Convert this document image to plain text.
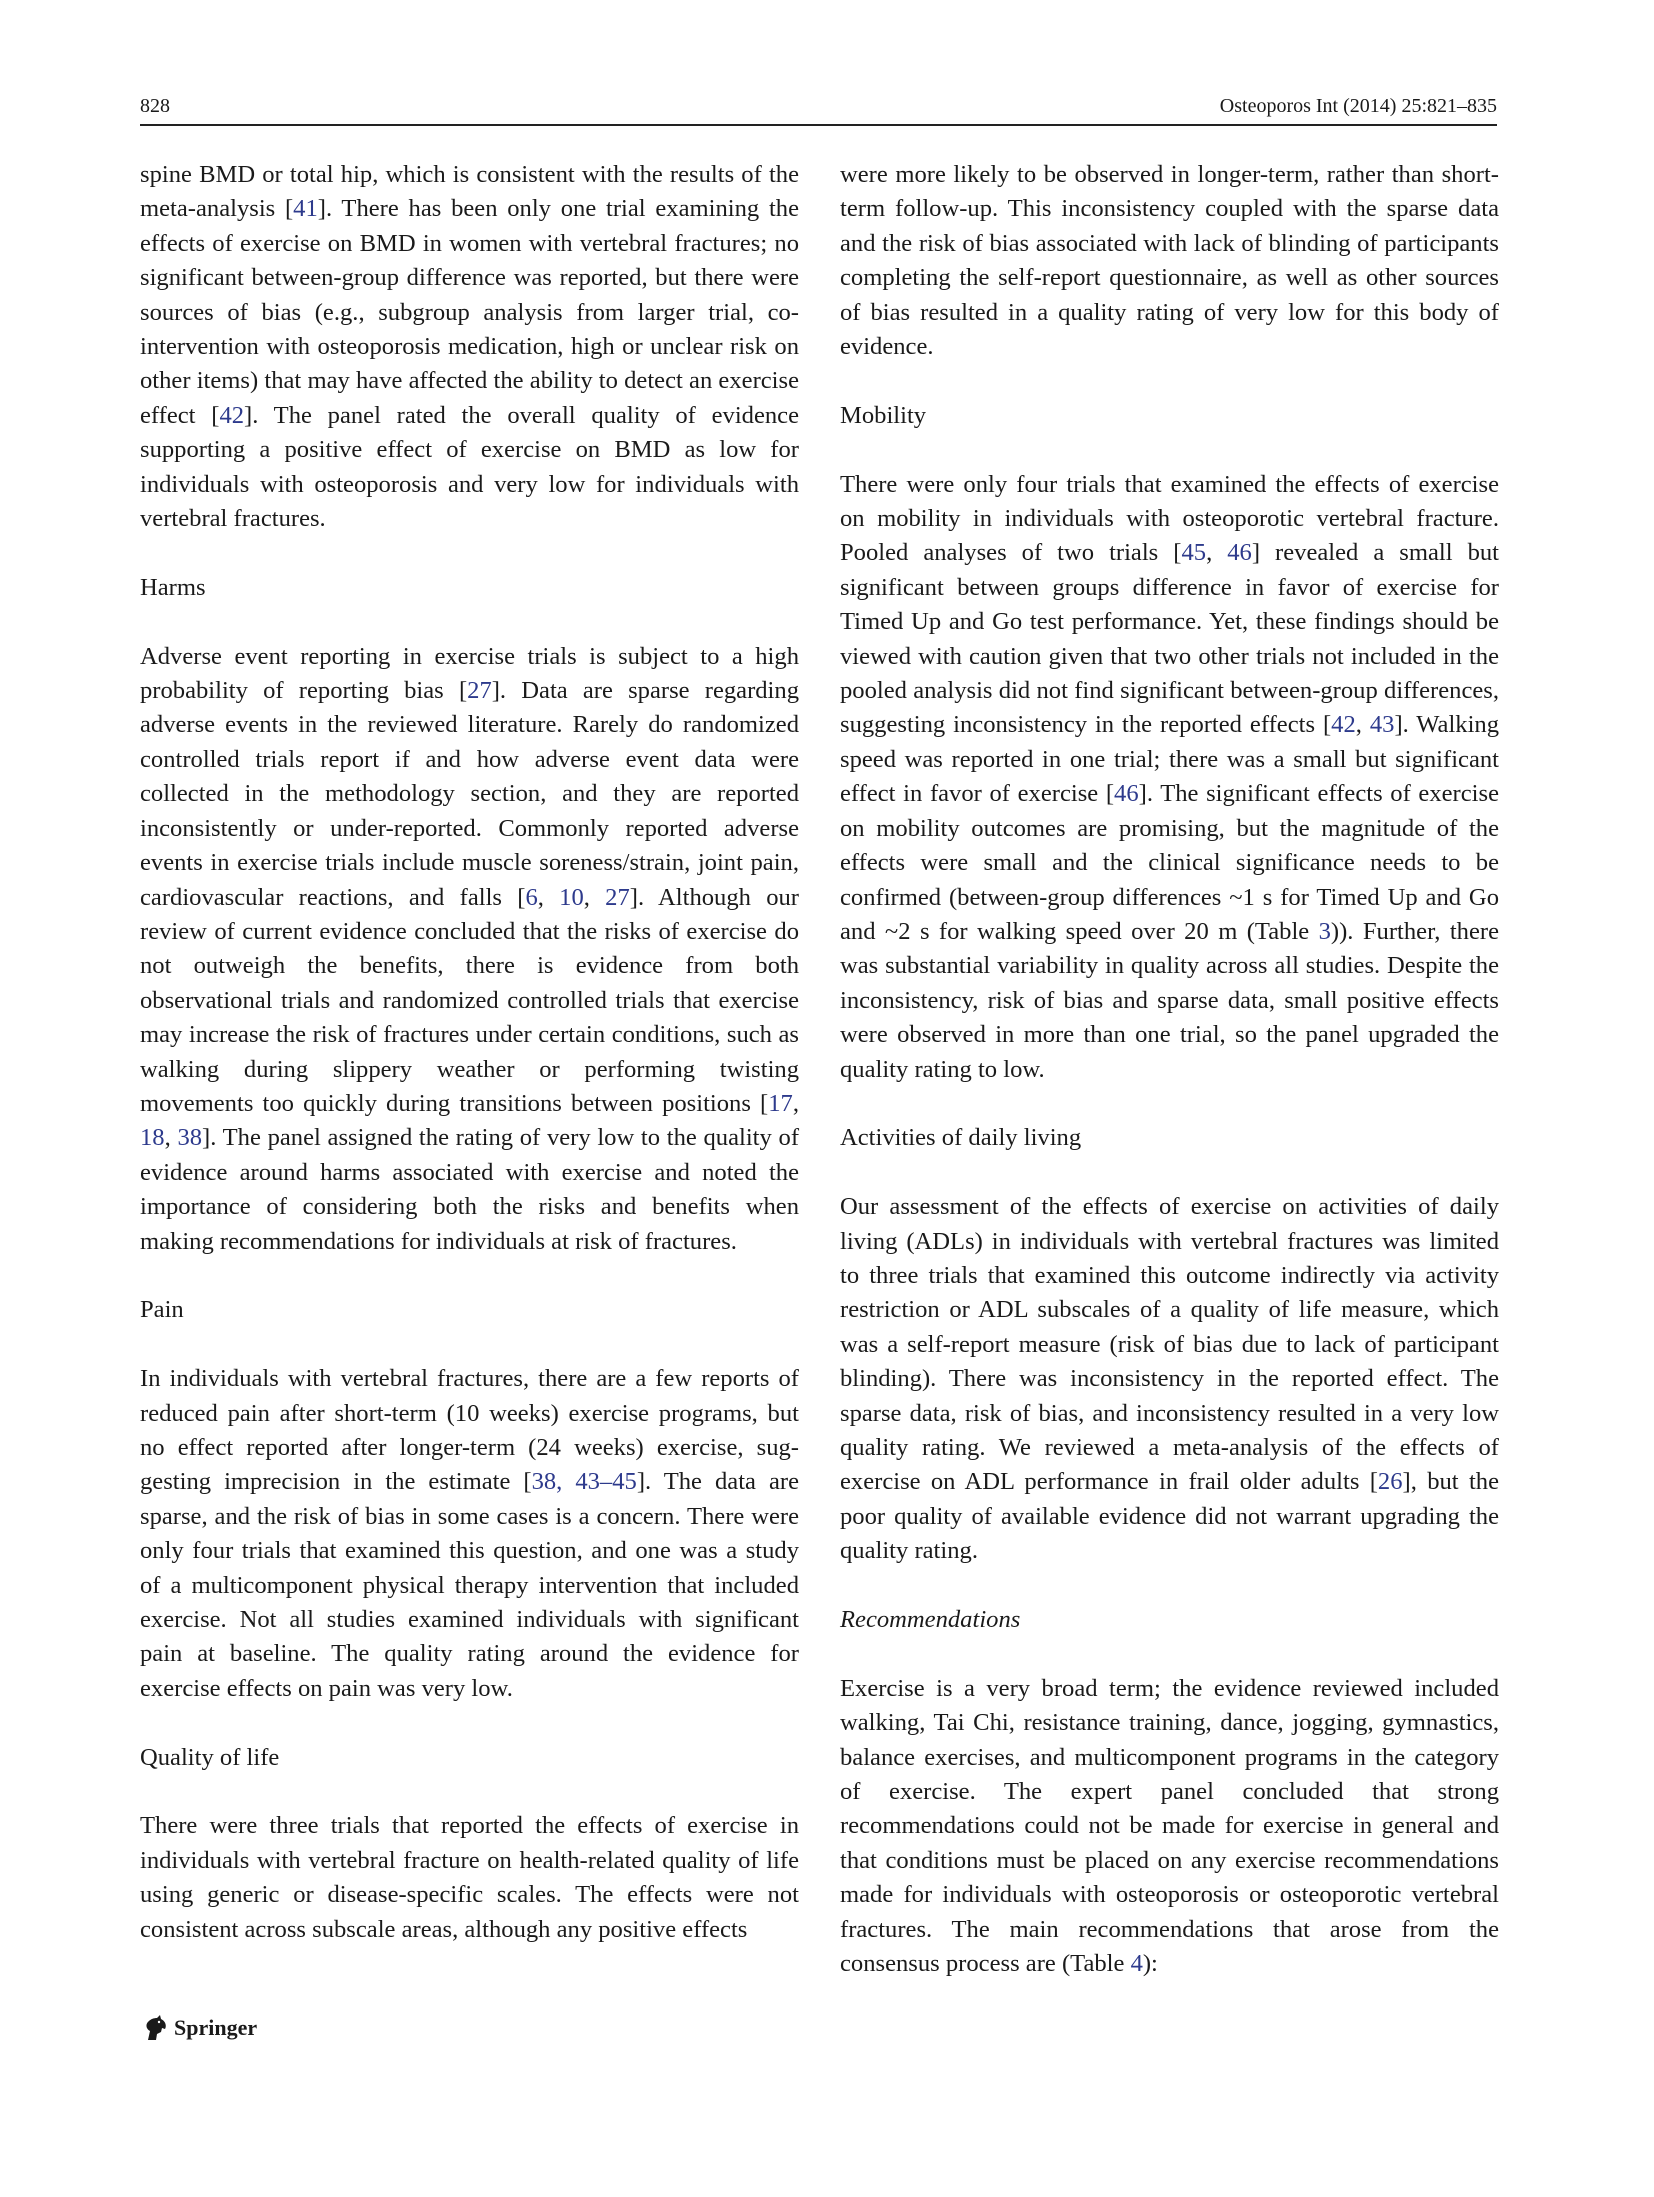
828	Osteoporos Int (2014) 25:821–835

spine BMD or total hip, which is consistent with the results of the meta-analysis [41]. There has been only one trial examining the effects of exercise on BMD in women with vertebral fractures; no significant between-group difference was reported, but there were sources of bias (e.g., subgroup analysis from larger trial, co-intervention with osteoporosis medication, high or unclear risk on other items) that may have affected the ability to detect an exercise effect [42]. The panel rated the overall quality of evidence supporting a positive effect of exercise on BMD as low for individuals with osteoporosis and very low for individuals with vertebral fractures.

Harms

Adverse event reporting in exercise trials is subject to a high probability of reporting bias [27]. Data are sparse regarding adverse events in the reviewed literature. Rarely do randomized controlled trials report if and how adverse event data were collected in the methodology section, and they are reported inconsistently or under-reported. Commonly reported adverse events in exercise trials include muscle soreness/strain, joint pain, cardiovascular reactions, and falls [6, 10, 27]. Although our review of current evidence concluded that the risks of exercise do not outweigh the benefits, there is evidence from both observational trials and randomized controlled trials that exercise may increase the risk of fractures under certain conditions, such as walking during slippery weather or performing twisting movements too quickly during transitions between positions [17, 18, 38]. The panel assigned the rating of very low to the quality of evidence around harms associated with exercise and noted the importance of considering both the risks and benefits when making recommendations for individuals at risk of fractures.

Pain

In individuals with vertebral fractures, there are a few reports of reduced pain after short-term (10 weeks) exercise programs, but no effect reported after longer-term (24 weeks) exercise, suggesting imprecision in the estimate [38, 43–45]. The data are sparse, and the risk of bias in some cases is a concern. There were only four trials that examined this question, and one was a study of a multicomponent physical therapy intervention that included exercise. Not all studies examined individuals with significant pain at baseline. The quality rating around the evidence for exercise effects on pain was very low.

Quality of life

There were three trials that reported the effects of exercise in individuals with vertebral fracture on health-related quality of life using generic or disease-specific scales. The effects were not consistent across subscale areas, although any positive effects

were more likely to be observed in longer-term, rather than short-term follow-up. This inconsistency coupled with the sparse data and the risk of bias associated with lack of blinding of participants completing the self-report questionnaire, as well as other sources of bias resulted in a quality rating of very low for this body of evidence.

Mobility

There were only four trials that examined the effects of exercise on mobility in individuals with osteoporotic vertebral fracture. Pooled analyses of two trials [45, 46] revealed a small but significant between groups difference in favor of exercise for Timed Up and Go test performance. Yet, these findings should be viewed with caution given that two other trials not included in the pooled analysis did not find significant between-group differences, suggesting inconsistency in the reported effects [42, 43]. Walking speed was reported in one trial; there was a small but significant effect in favor of exercise [46]. The significant effects of exercise on mobility outcomes are promising, but the magnitude of the effects were small and the clinical significance needs to be confirmed (between-group differences ~1 s for Timed Up and Go and ~2 s for walking speed over 20 m (Table 3)). Further, there was substantial variability in quality across all studies. Despite the inconsistency, risk of bias and sparse data, small positive effects were observed in more than one trial, so the panel upgraded the quality rating to low.

Activities of daily living

Our assessment of the effects of exercise on activities of daily living (ADLs) in individuals with vertebral fractures was limited to three trials that examined this outcome indirectly via activity restriction or ADL subscales of a quality of life measure, which was a self-report measure (risk of bias due to lack of participant blinding). There was inconsistency in the reported effect. The sparse data, risk of bias, and inconsistency resulted in a very low quality rating. We reviewed a meta-analysis of the effects of exercise on ADL performance in frail older adults [26], but the poor quality of available evidence did not warrant upgrading the quality rating.

Recommendations

Exercise is a very broad term; the evidence reviewed included walking, Tai Chi, resistance training, dance, jogging, gymnastics, balance exercises, and multicomponent programs in the category of exercise. The expert panel concluded that strong recommendations could not be made for exercise in general and that conditions must be placed on any exercise recommendations made for individuals with osteoporosis or osteoporotic vertebral fractures. The main recommendations that arose from the consensus process are (Table 4):

Springer
